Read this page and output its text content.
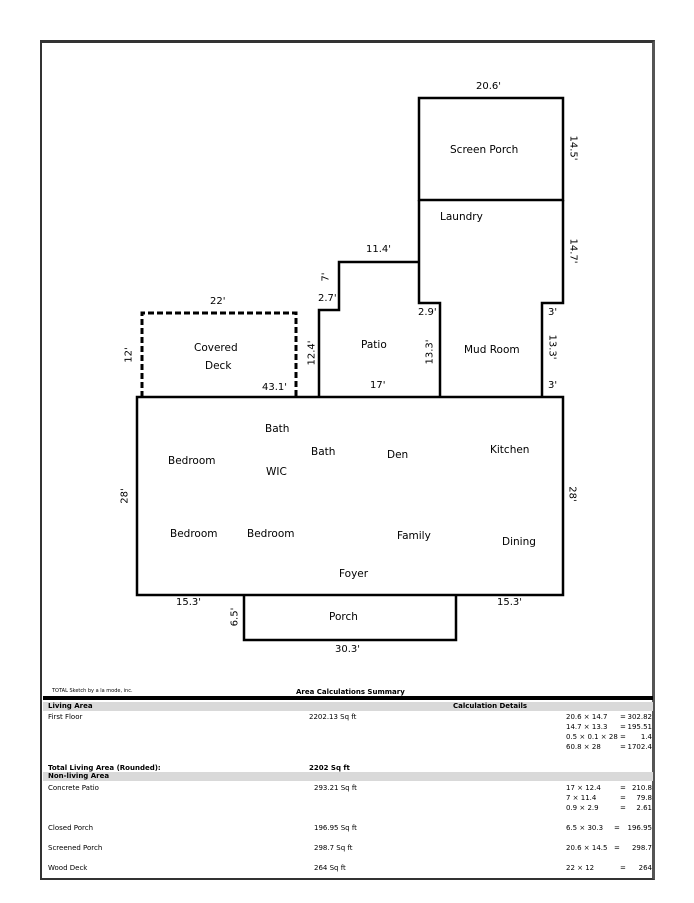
Screen Porch
Laundry
Patio	Mud Room
Covered
Deck
Bath
Bath
Bedroom
WIC
Den	Kitchen
Bedroom	Bedroom	Family	Dining
Foyer
Porch
20.6'
14.5'
14.7'
11.4'
7'
2.7'
2.9'	3'
13.3'
3'
22'
12'	12.4'	13.3'
43.1'	17'
28'	28'
15.3'	15.3'
6.5'
30.3'
TOTAL Sketch by a la mode, inc.	Area Calculations Summary
Living Area	Calculation Details
First Floor	2202.13 Sq ft	20.6 × 14.7 = 302.82
14.7 × 13.3 = 195.51
0.5 × 0.1 × 28 =	1.4
60.8 × 28	= 1702.4
Total Living Area (Rounded):	2202 Sq ft
Non-living Area
Concrete Patio	293.21 Sq ft	17 × 12.4	= 210.8
7 × 11.4	=	79.8
0.9 × 2.9	=	2.61
Closed Porch	196.95 Sq ft	6.5 × 30.3 =	196.95
Screened Porch	298.7 Sq ft	20.6 × 14.5 =	298.7
Wood Deck	264 Sq ft	22 × 12	=	264
